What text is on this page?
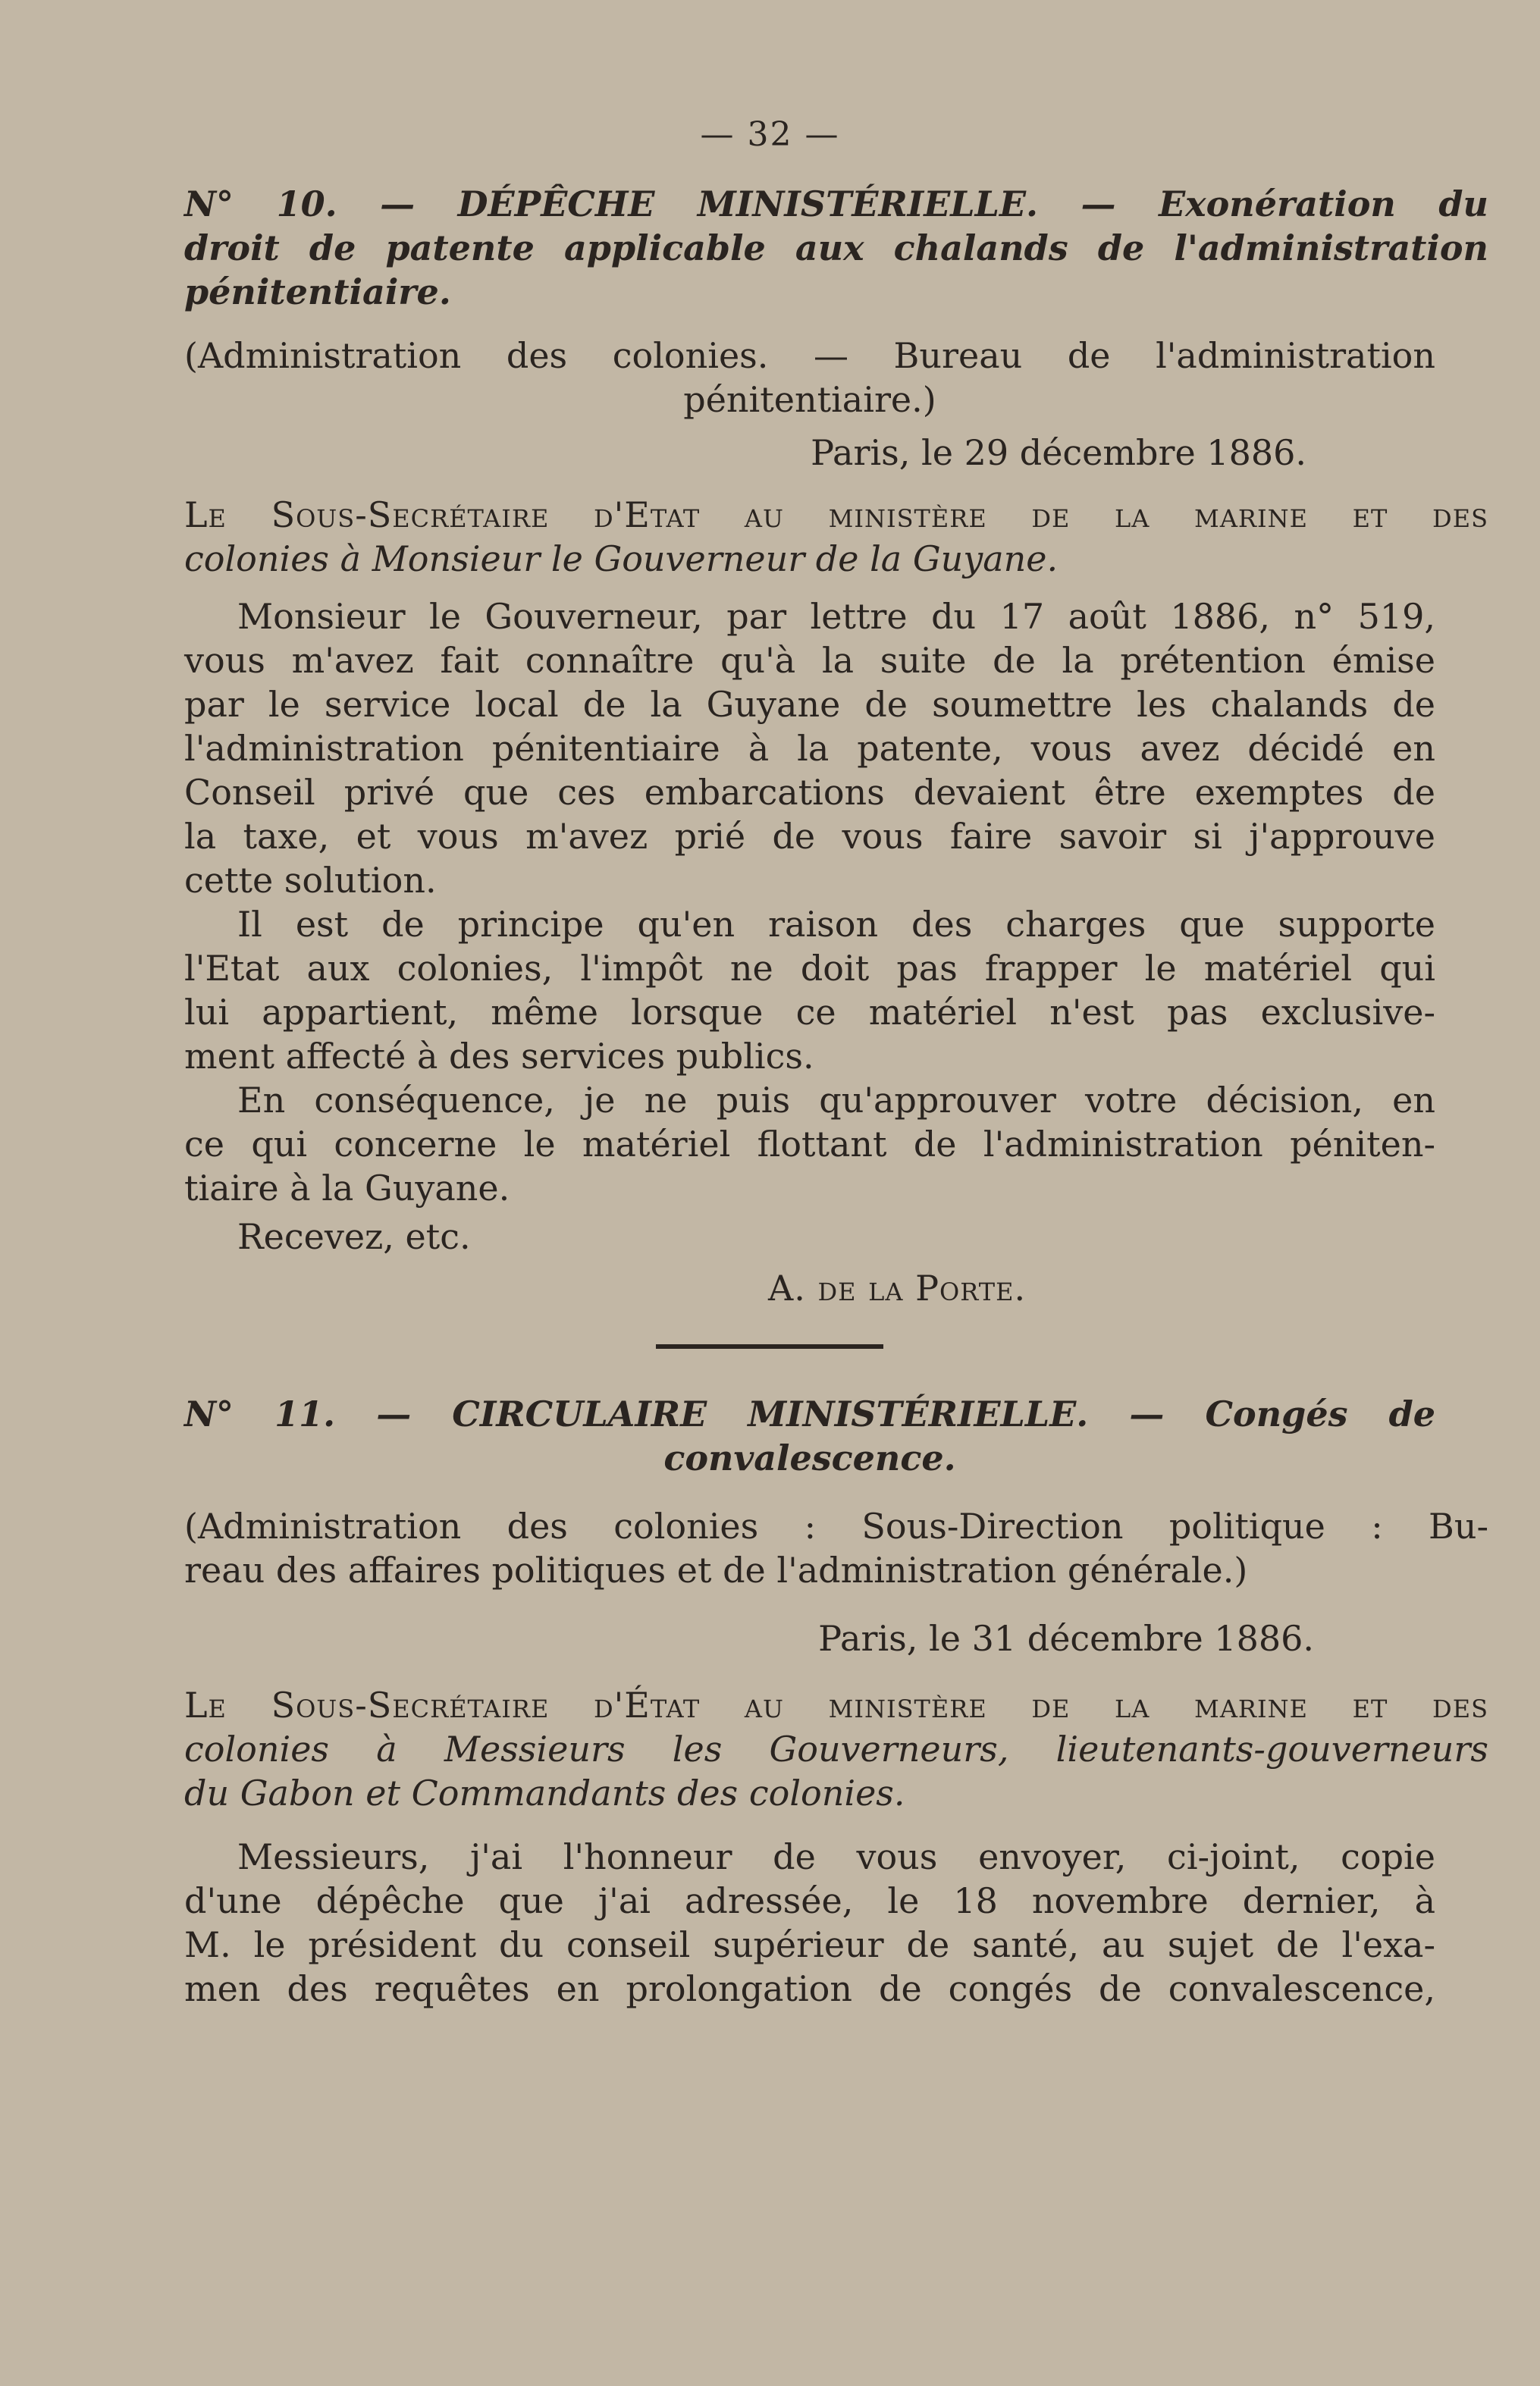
— 32 —
N° 10. — DÉPÊCHE MINISTÉRIELLE. — Exonération du
droit de patente applicable aux chalands de l'administration
pénitentiaire.
(Administration des colonies. — Bureau de l'administration
pénitentiaire.)
Paris, le 29 décembre 1886.
Le Sous-Secrétaire d'Etat au ministère de la marine et des
colonies à Monsieur le Gouverneur de la Guyane.
Monsieur le Gouverneur, par lettre du 17 août 1886, n° 519,
vous m'avez fait connaître qu'à la suite de la prétention émise
par le service local de la Guyane de soumettre les chalands de
l'administration pénitentiaire à la patente, vous avez décidé en
Conseil privé que ces embarcations devaient être exemptes de
la taxe, et vous m'avez prié de vous faire savoir si j'approuve
cette solution.
Il est de principe qu'en raison des charges que supporte
l'Etat aux colonies, l'impôt ne doit pas frapper le matériel qui
lui appartient, même lorsque ce matériel n'est pas exclusive-
ment affecté à des services publics.
En conséquence, je ne puis qu'approuver votre décision, en
ce qui concerne le matériel flottant de l'administration péniten-
tiaire à la Guyane.
Recevez, etc.
A. de la Porte.
N° 11. — CIRCULAIRE MINISTÉRIELLE. — Congés de
convalescence.
(Administration des colonies : Sous-Direction politique : Bu-
reau des affaires politiques et de l'administration générale.)
Paris, le 31 décembre 1886.
Le Sous-Secrétaire d'État au ministère de la marine et des
colonies à Messieurs les Gouverneurs, lieutenants-gouverneurs
du Gabon et Commandants des colonies.
Messieurs, j'ai l'honneur de vous envoyer, ci-joint, copie
d'une dépêche que j'ai adressée, le 18 novembre dernier, à
M. le président du conseil supérieur de santé, au sujet de l'exa-
men des requêtes en prolongation de congés de convalescence,
